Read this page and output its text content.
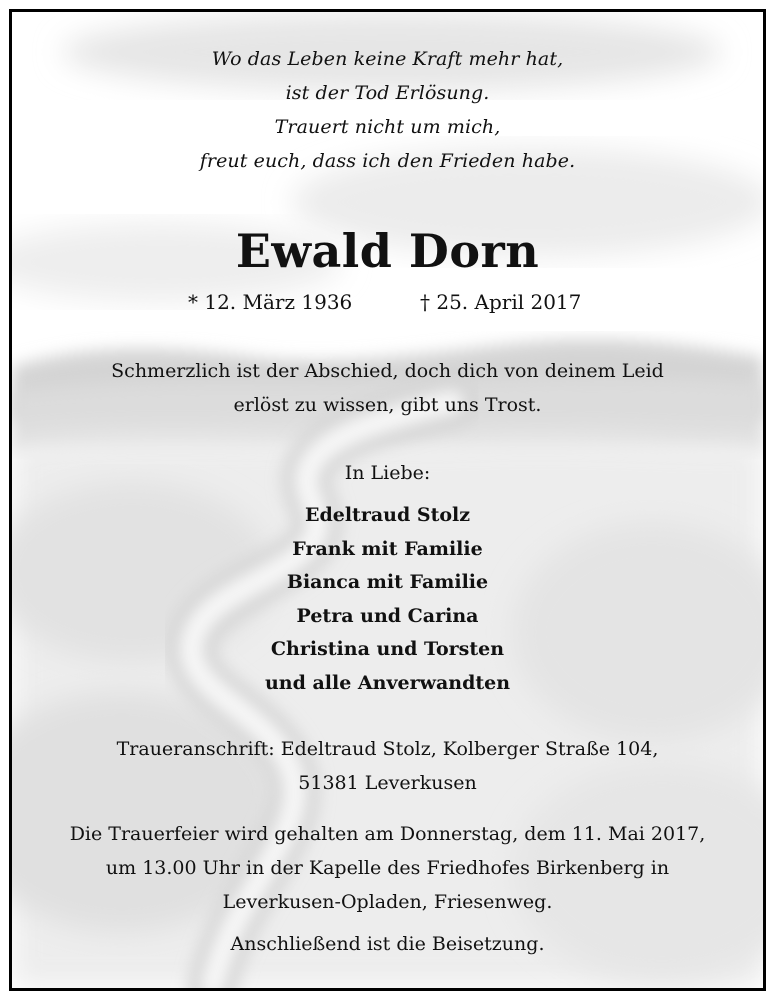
Wo das Leben keine Kraft mehr hat,
ist der Tod Erlösung.
Trauert nicht um mich,
freut euch, dass ich den Frieden habe.
Ewald Dorn
* 12. März 1936	† 25. April 2017
Schmerzlich ist der Abschied, doch dich von deinem Leid
erlöst zu wissen, gibt uns Trost.
In Liebe:
Edeltraud Stolz
Frank mit Familie
Bianca mit Familie
Petra und Carina
Christina und Torsten
und alle Anverwandten
Traueranschrift: Edeltraud Stolz, Kolberger Straße 104,
51381 Leverkusen
Die Trauerfeier wird gehalten am Donnerstag, dem 11. Mai 2017,
um 13.00 Uhr in der Kapelle des Friedhofes Birkenberg in
Leverkusen-Opladen, Friesenweg.
Anschließend ist die Beisetzung.
